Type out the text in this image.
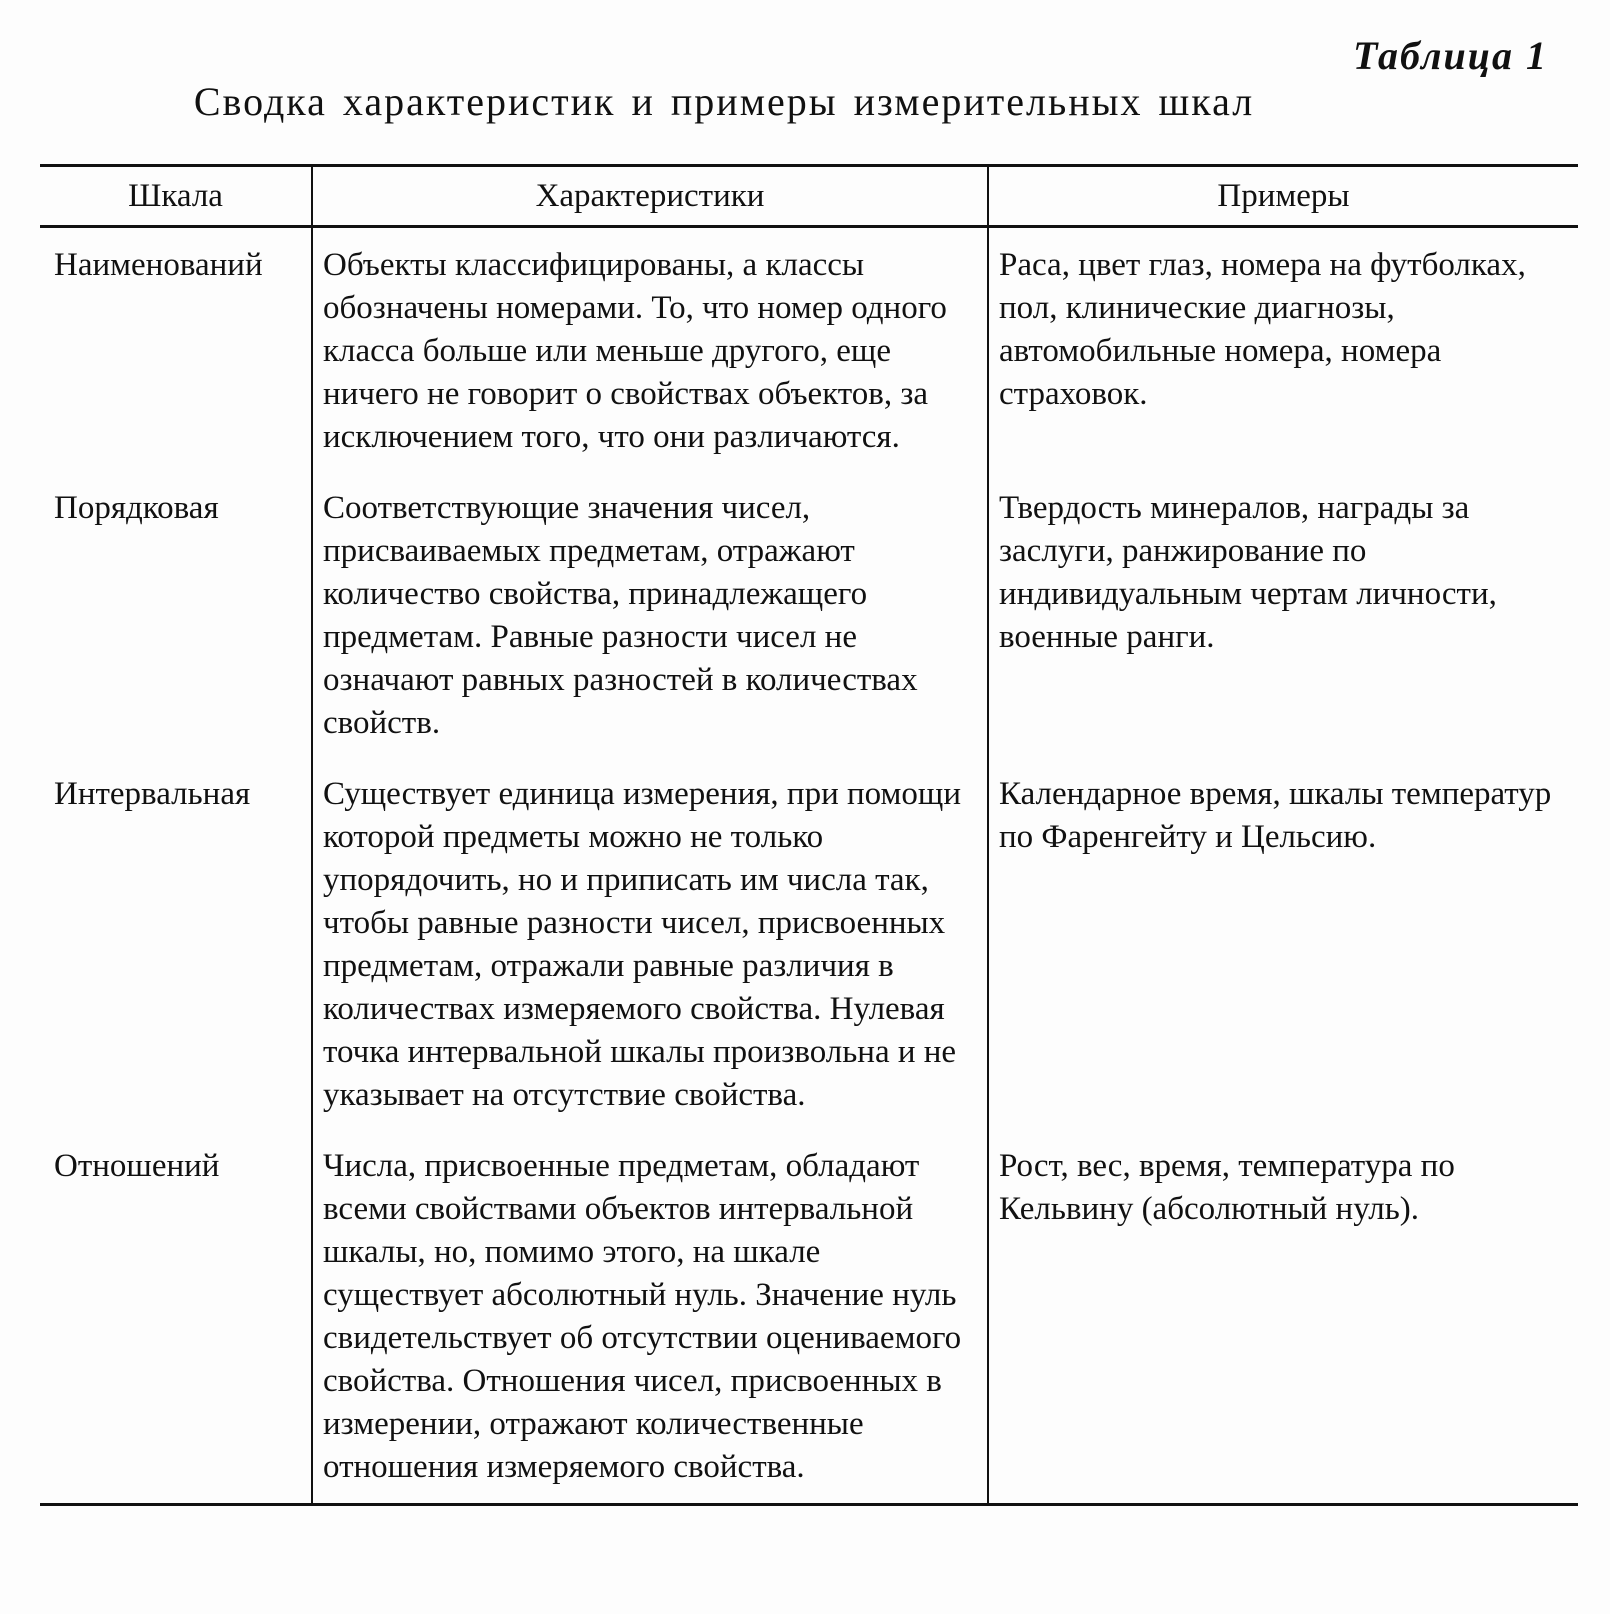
Таблица 1
Сводка характеристик и примеры измерительных шкал
Шкала	Характеристики	Примеры
Наименований	Объекты классифицированы, а классы обозначены номерами. То, что номер одного класса больше или меньше другого, еще ничего не говорит о свойствах объектов, за исключением того, что они различаются.	Раса, цвет глаз, номера на футболках, пол, клинические диагнозы, автомобильные номера, номера страховок.
Порядковая	Соответствующие значения чисел, присваиваемых предметам, отражают количество свойства, принадлежащего предметам. Равные разности чисел не означают равных разностей в количествах свойств.	Твердость минералов, награды за заслуги, ранжирование по индивидуальным чертам личности, военные ранги.
Интервальная	Существует единица измерения, при помощи которой предметы можно не только упорядочить, но и приписать им числа так, чтобы равные разности чисел, присвоенных предметам, отражали равные различия в количествах измеряемого свойства. Нулевая точка интервальной шкалы произвольна и не указывает на отсутствие свойства.	Календарное время, шкалы температур по Фаренгейту и Цельсию.
Отношений	Числа, присвоенные предметам, обладают всеми свойствами объектов интервальной шкалы, но, помимо этого, на шкале существует абсолютный нуль. Значение нуль свидетельствует об отсутствии оцениваемого свойства. Отношения чисел, присвоенных в измерении, отражают количественные отношения измеряемого свойства.	Рост, вес, время, температура по Кельвину (абсолютный нуль).
